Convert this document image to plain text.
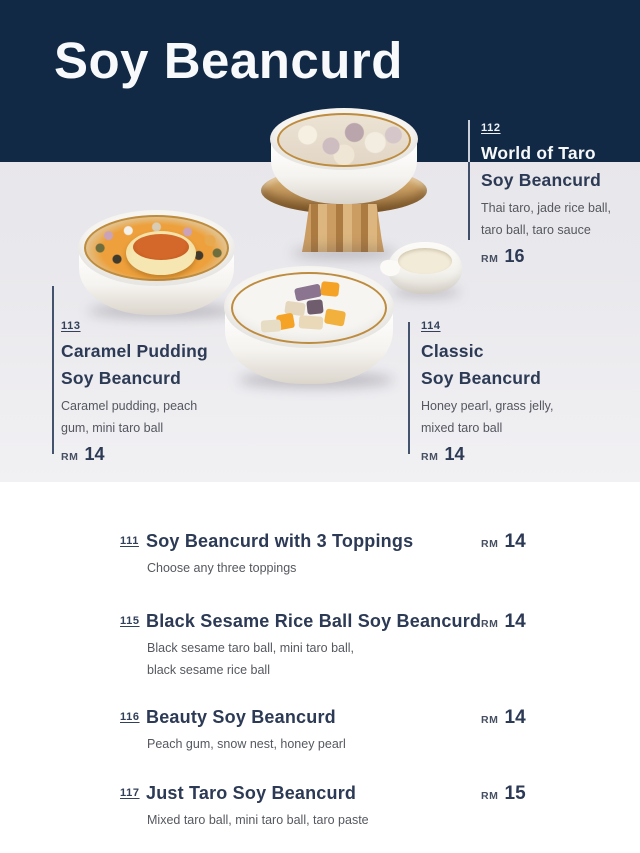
Soy Beancurd
112
World of Taro
Soy Beancurd
Thai taro, jade rice ball,
taro ball, taro sauce
RM 16
113
Caramel Pudding
Soy Beancurd
Caramel pudding, peach
gum, mini taro ball
RM 14
114
Classic
Soy Beancurd
Honey pearl, grass jelly,
mixed taro ball
RM 14
111 Soy Beancurd with 3 Toppings	RM 14
Choose any three toppings
115 Black Sesame Rice Ball Soy Beancurd RM 14
Black sesame taro ball, mini taro ball,
black sesame rice ball
116 Beauty Soy Beancurd	RM 14
Peach gum, snow nest, honey pearl
117 Just Taro Soy Beancurd	RM 15
Mixed taro ball, mini taro ball, taro paste
